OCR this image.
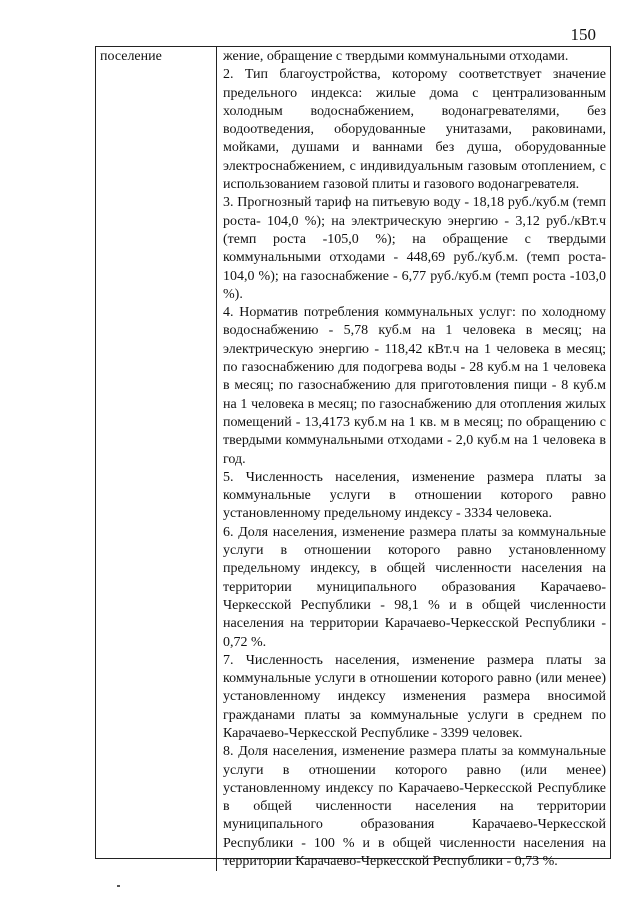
150
поселение	жение, обращение с твердыми коммунальными отходами.

2. Тип благоустройства, которому соответствует значение предельного индекса: жилые дома с централизованным холодным водоснабжением, водонагревателями, без водоотведения, оборудованные унитазами, раковинами, мойками, душами и ваннами без душа, оборудованные электроснабжением, с индивидуальным газовым отоплением, с использованием газовой плиты и газового водонагревателя.

3. Прогнозный тариф на питьевую воду - 18,18 руб./куб.м (темп роста- 104,0 %); на электрическую энергию - 3,12 руб./кВт.ч (темп роста -105,0 %); на обращение с твердыми коммунальными отходами - 448,69 руб./куб.м. (темп роста- 104,0 %); на газоснабжение - 6,77 руб./куб.м (темп роста -103,0 %).

4. Норматив потребления коммунальных услуг: по холодному водоснабжению - 5,78 куб.м на 1 человека в месяц; на электрическую энергию - 118,42 кВт.ч на 1 человека в месяц; по газоснабжению для подогрева воды - 28 куб.м на 1 человека в месяц; по газоснабжению для приготовления пищи - 8 куб.м на 1 человека в месяц; по газоснабжению для отопления жилых помещений - 13,4173 куб.м на 1 кв. м в месяц; по обращению с твердыми коммунальными отходами - 2,0 куб.м на 1 человека в год.

5. Численность населения, изменение размера платы за коммунальные услуги в отношении которого равно установленному предельному индексу - 3334 человека.

6. Доля населения, изменение размера платы за коммунальные услуги в отношении которого равно установленному предельному индексу, в общей численности населения на территории муниципального образования Карачаево-Черкесской Республики - 98,1 % и в общей численности населения на территории Карачаево-Черкесской Республики - 0,72 %.

7. Численность населения, изменение размера платы за коммунальные услуги в отношении которого равно (или менее) установленному индексу изменения размера вносимой гражданами платы за коммунальные услуги в среднем по Карачаево-Черкесской Республике - 3399 человек.

8. Доля населения, изменение размера платы за коммунальные услуги в отношении которого равно (или менее) установленному индексу по Карачаево-Черкесской Республике в общей численности населения на территории муниципального образования Карачаево-Черкесской Республики - 100 % и в общей численности населения на территории Карачаево-Черкесской Республики - 0,73 %.
